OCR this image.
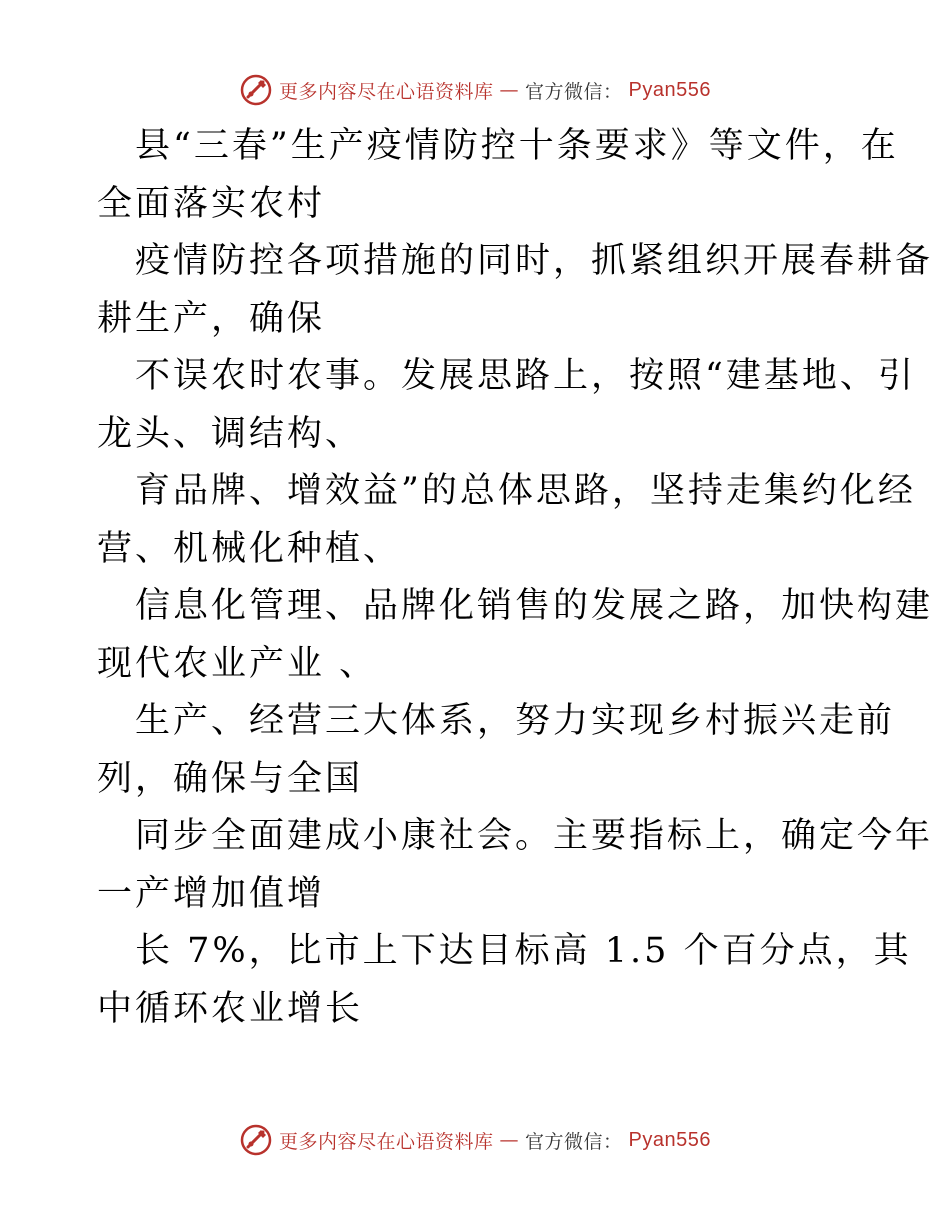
更多内容尽在心语资料库 — 官方微信： Pyan556
县“三春”生产疫情防控十条要求》等文件，在
全面落实农村
疫情防控各项措施的同时，抓紧组织开展春耕备
耕生产，确保
不误农时农事。发展思路上，按照“建基地、引
龙头、调结构、
育品牌、增效益”的总体思路，坚持走集约化经
营、机械化种植、
信息化管理、品牌化销售的发展之路，加快构建
现代农业产业 、
生产、经营三大体系，努力实现乡村振兴走前
列，确保与全国
同步全面建成小康社会。主要指标上，确定今年
一产增加值增
长 7%，比市上下达目标高 1.5 个百分点，其
中循环农业增长
更多内容尽在心语资料库 — 官方微信： Pyan556
